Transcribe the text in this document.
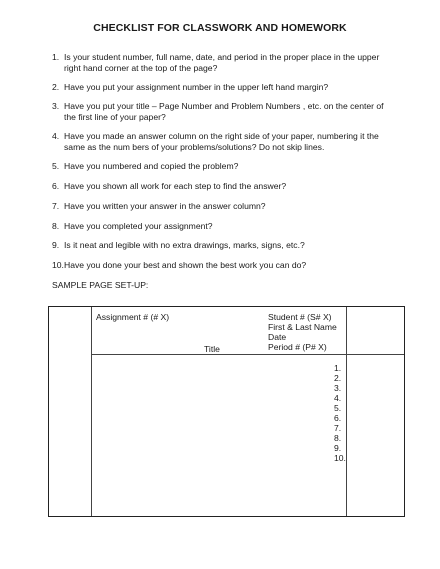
CHECKLIST FOR CLASSWORK AND HOMEWORK
1. Is your student number, full name, date, and period in the proper place in the upper
right hand corner at the top of the page?
2. Have you put your assignment number in the upper left hand margin?
3. Have you put your title – Page Number and Problem Numbers , etc. on the center of
the first line of your paper?
4. Have you made an answer column on the right side of your paper, numbering it the
same as the num bers of your problems/solutions? Do not skip lines.
5. Have you numbered and copied the problem?
6. Have you shown all work for each step to find the answer?
7. Have you written your answer in the answer column?
8. Have you completed your assignment?
9. Is it neat and legible with no extra drawings, marks, signs, etc.?
10. Have you done your best and shown the best work you can do?
SAMPLE PAGE SET-UP:
Assignment # (# X)
Title
Student # (S# X)
First & Last Name
Date
Period # (P# X)
1.
2.
3.
4.
5.
6.
7.
8.
9.
10.
